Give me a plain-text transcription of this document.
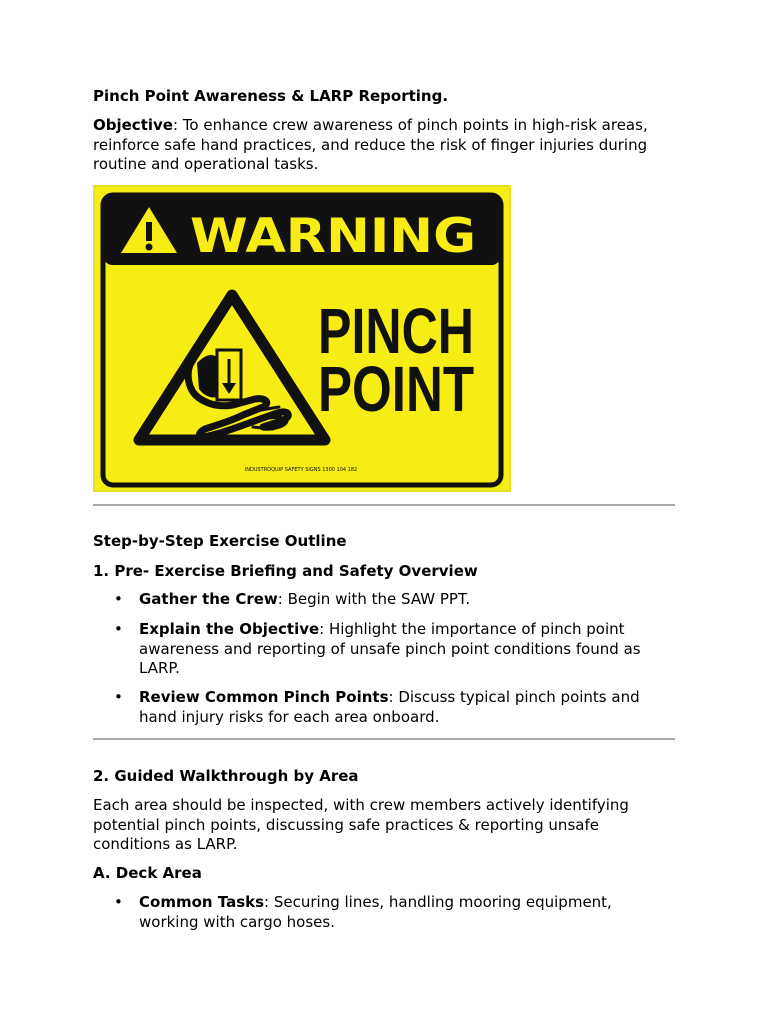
Pinch Point Awareness & LARP Reporting.
Objective: To enhance crew awareness of pinch points in high-risk areas, reinforce safe hand practices, and reduce the risk of finger injuries during routine and operational tasks.
WARNING
PINCH
POINT
INDUSTROQUIP SAFETY SIGNS 1300 104 182
Step-by-Step Exercise Outline
1. Pre- Exercise Briefing and Safety Overview
• Gather the Crew: Begin with the SAW PPT.
• Explain the Objective: Highlight the importance of pinch point awareness and reporting of unsafe pinch point conditions found as LARP.
• Review Common Pinch Points: Discuss typical pinch points and hand injury risks for each area onboard.
2. Guided Walkthrough by Area
Each area should be inspected, with crew members actively identifying potential pinch points, discussing safe practices & reporting unsafe conditions as LARP.
A. Deck Area
• Common Tasks: Securing lines, handling mooring equipment, working with cargo hoses.
